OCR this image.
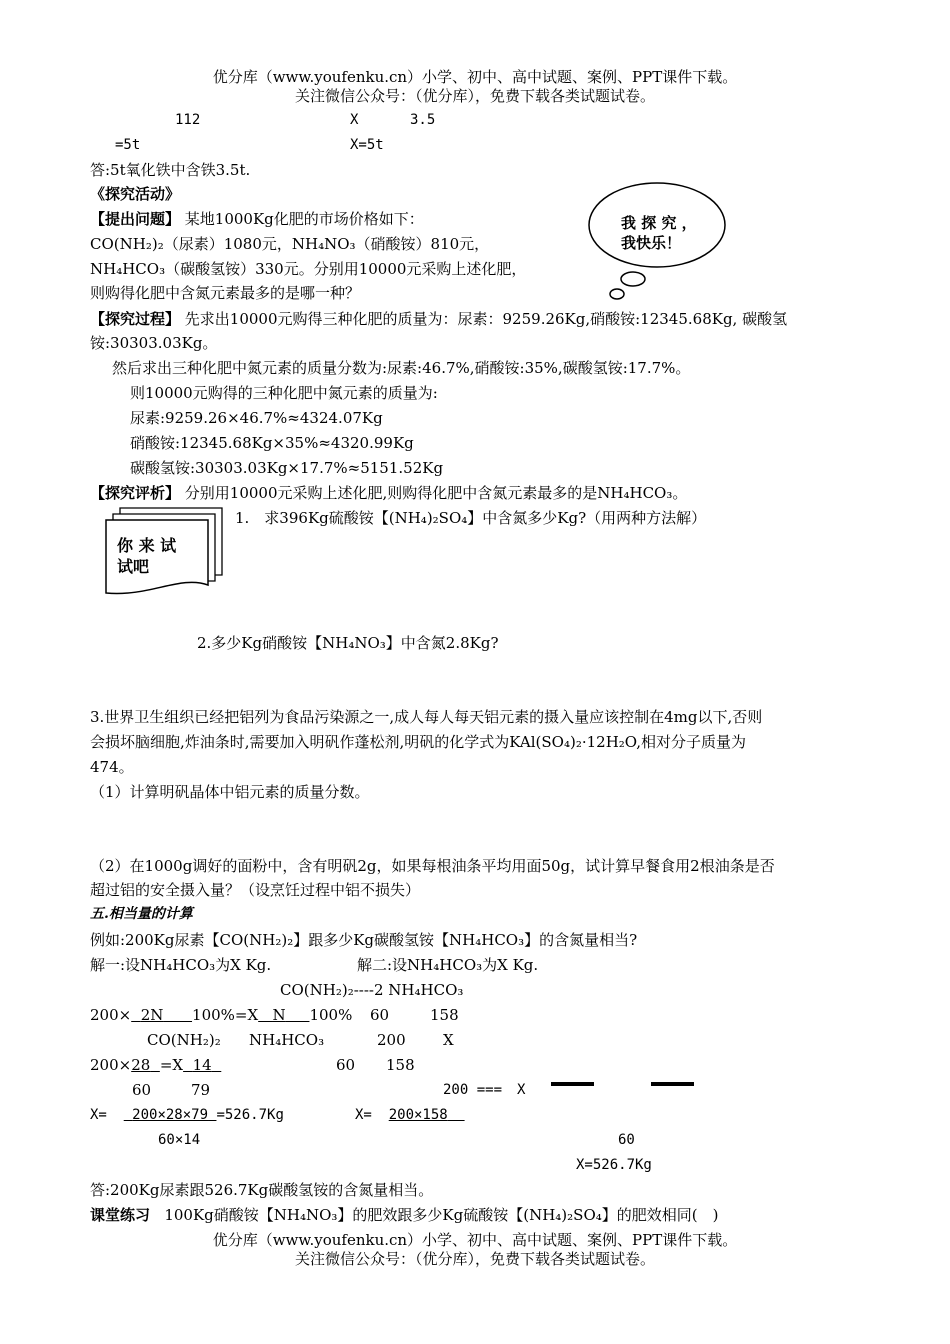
优分库（www.youfenku.cn）小学、初中、高中试题、案例、PPT课件下载。
关注微信公众号：（优分库），免费下载各类试题试卷。
112	X	3.5
=5t	X=5t
答:5t氧化铁中含铁3.5t.
《探究活动》
我 探 究 ，
我快乐！
【提出问题】 某地1000Kg化肥的市场价格如下：
CO(NH₂)₂（尿素）1080元，NH₄NO₃（硝酸铵）810元，
NH₄HCO₃（碳酸氢铵）330元。分别用10000元采购上述化肥，
则购得化肥中含氮元素最多的是哪一种？
【探究过程】 先求出10000元购得三种化肥的质量为：尿素：9259.26Kg,硝酸铵:12345.68Kg, 碳酸氢
铵:30303.03Kg。
然后求出三种化肥中氮元素的质量分数为:尿素:46.7%,硝酸铵:35%,碳酸氢铵:17.7%。
则10000元购得的三种化肥中氮元素的质量为:
尿素:9259.26×46.7%≈4324.07Kg
硝酸铵:12345.68Kg×35%≈4320.99Kg
碳酸氢铵:30303.03Kg×17.7%≈5151.52Kg
【探究评析】 分别用10000元采购上述化肥,则购得化肥中含氮元素最多的是NH₄HCO₃。
你 来 试
试吧
1.　求396Kg硫酸铵【(NH₄)₂SO₄】中含氮多少Kg?（用两种方法解）
2.多少Kg硝酸铵【NH₄NO₃】中含氮2.8Kg?
3.世界卫生组织已经把铝列为食品污染源之一,成人每人每天铝元素的摄入量应该控制在4mg以下,否则
会损坏脑细胞,炸油条时,需要加入明矾作蓬松剂,明矾的化学式为KAl(SO₄)₂·12H₂O,相对分子质量为
474。
（1）计算明矾晶体中铝元素的质量分数。
（2）在1000g调好的面粉中，含有明矾2g，如果每根油条平均用面50g，试计算早餐食用2根油条是否
超过铝的安全摄入量？（设烹饪过程中铝不损失）
五.相当量的计算
例如:200Kg尿素【CO(NH₂)₂】跟多少Kg碳酸氢铵【NH₄HCO₃】的含氮量相当?
解一:设NH₄HCO₃为X Kg.	解二:设NH₄HCO₃为X Kg.
CO(NH₂)₂----2 NH₄HCO₃
200× 2N 100%=X N 100% 60	158
CO(NH₂)₂ NH₄HCO₃	200 X
200×28 =X 14	60 158
60	79	200 === X
X= 200×28×79 =526.7Kg	X= 200×158
60×14	60
X=526.7Kg
答:200Kg尿素跟526.7Kg碳酸氢铵的含氮量相当。
课堂练习 100Kg硝酸铵【NH₄NO₃】的肥效跟多少Kg硫酸铵【(NH₄)₂SO₄】的肥效相同(　)
优分库（www.youfenku.cn）小学、初中、高中试题、案例、PPT课件下载。
关注微信公众号：（优分库），免费下载各类试题试卷。
